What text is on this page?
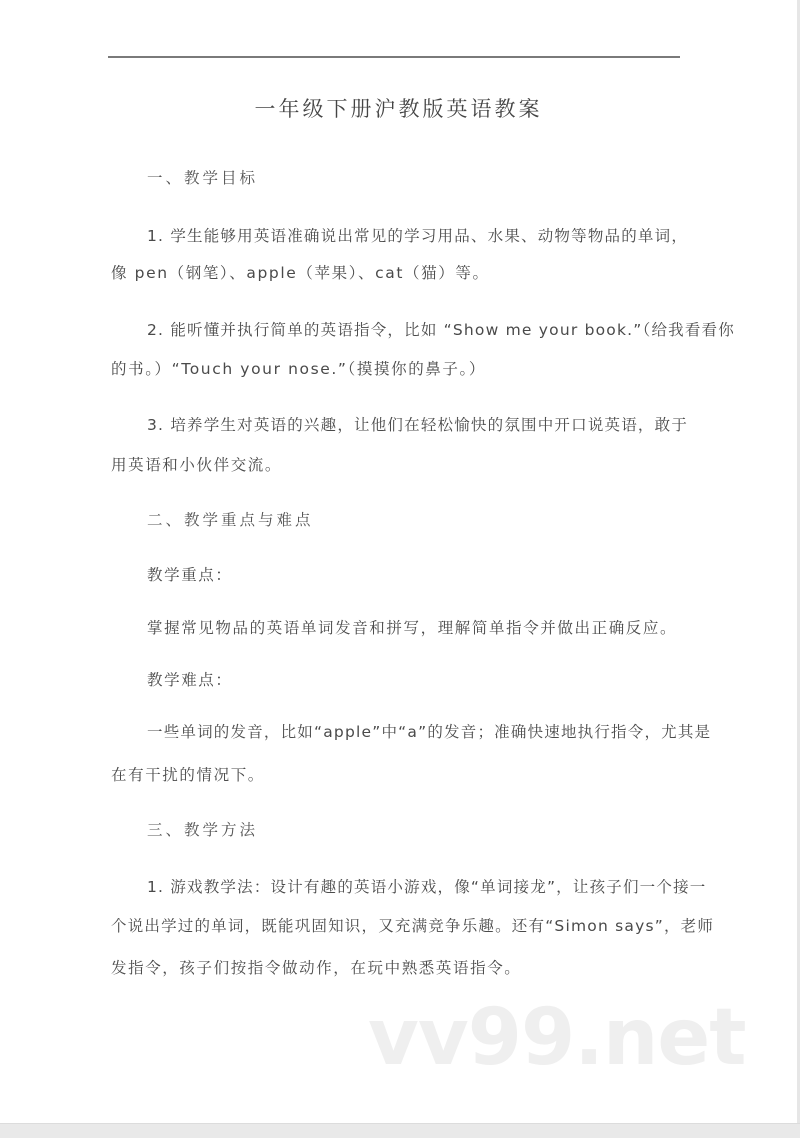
一年级下册沪教版英语教案
一、教学目标
1. 学生能够用英语准确说出常见的学习用品、水果、动物等物品的单词，
像 pen（钢笔）、apple（苹果）、cat（猫）等。
2. 能听懂并执行简单的英语指令，比如 “Show me your book.”（给我看看你
的书。）“Touch your nose.”（摸摸你的鼻子。）
3. 培养学生对英语的兴趣，让他们在轻松愉快的氛围中开口说英语，敢于
用英语和小伙伴交流。
二、教学重点与难点
教学重点：
掌握常见物品的英语单词发音和拼写，理解简单指令并做出正确反应。
教学难点：
一些单词的发音，比如“apple”中“a”的发音；准确快速地执行指令，尤其是
在有干扰的情况下。
三、教学方法
1. 游戏教学法：设计有趣的英语小游戏，像“单词接龙”，让孩子们一个接一
个说出学过的单词，既能巩固知识，又充满竞争乐趣。还有“Simon says”，老师
发指令，孩子们按指令做动作，在玩中熟悉英语指令。
vv99.net
